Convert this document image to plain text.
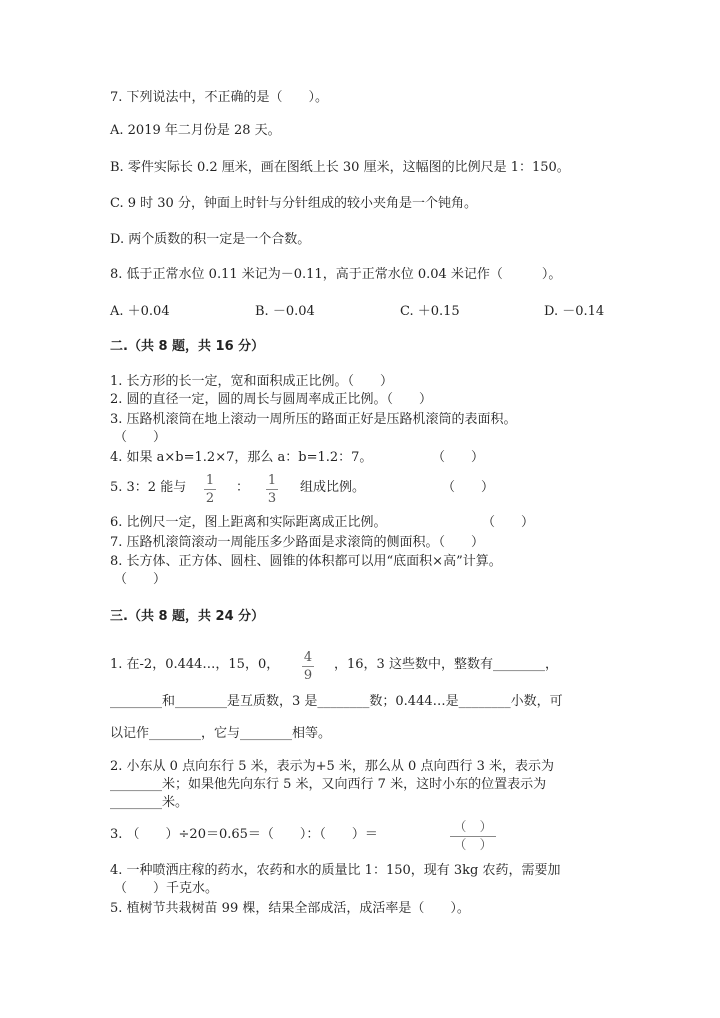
7. 下列说法中，不正确的是（　　）。
A. 2019 年二月份是 28 天。
B. 零件实际长 0.2 厘米，画在图纸上长 30 厘米，这幅图的比例尺是 1：150。
C. 9 时 30 分，钟面上时针与分针组成的较小夹角是一个钝角。
D. 两个质数的积一定是一个合数。
8. 低于正常水位 0.11 米记为－0.11，高于正常水位 0.04 米记作（　　　）。
A. ＋0.04	B. －0.04	C. ＋0.15	D. －0.14
二.（共 8 题，共 16 分）
1. 长方形的长一定，宽和面积成正比例。（　　）
2. 圆的直径一定，圆的周长与圆周率成正比例。（　　）
3. 压路机滚筒在地上滚动一周所压的路面正好是压路机滚筒的表面积。
（　　）
4. 如果 a×b=1.2×7，那么 a：b=1.2：7。	（　　）
5. 3：2 能与 1
2
： 1
3
组成比例。	（　　）
6. 比例尺一定，图上距离和实际距离成正比例。	（　　）
7. 压路机滚筒滚动一周能压多少路面是求滚筒的侧面积。（　　）
8. 长方体、正方体、圆柱、圆锥的体积都可以用“底面积×高”计算。
（　　）
三.（共 8 题，共 24 分）
1. 在-2，0.444…，15，0， 4
9
，16，3 这些数中，整数有________，
________和________是互质数，3 是________数；0.444…是________小数，可
以记作________，它与________相等。
2. 小东从 0 点向东行 5 米，表示为+5 米，那么从 0 点向西行 3 米，表示为
________米；如果他先向东行 5 米，又向西行 7 米，这时小东的位置表示为
________米。
3. （　　）÷20＝0.65＝（　　）：（　　）＝	（　）
（　）
4. 一种喷洒庄稼的药水，农药和水的质量比 1：150，现有 3kg 农药，需要加
（　　）千克水。
5. 植树节共栽树苗 99 棵，结果全部成活，成活率是（　　）。
